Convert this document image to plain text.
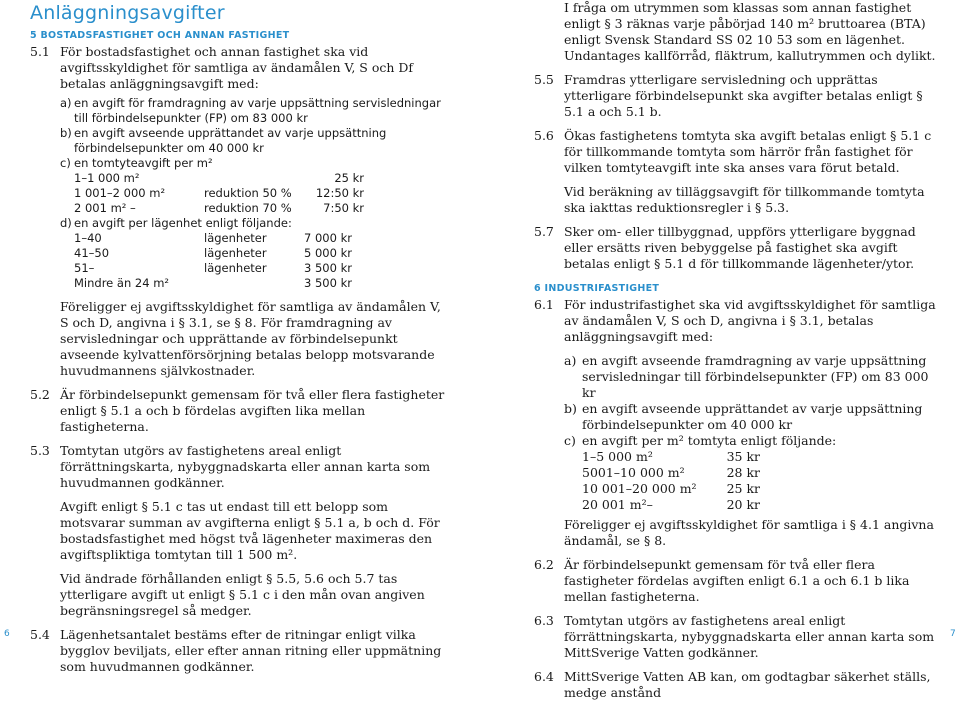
Anläggningsavgifter
5 BOSTADSFASTIGHET OCH ANNAN FASTIGHET
5.1 För bostadsfastighet och annan fastighet ska vid avgiftsskyldighet för samtliga av ändamålen V, S och Df betalas anläggningsavgift med:
a) en avgift för framdragning av varje uppsättning servisledningar till förbindelsepunkter (FP) om 83 000 kr
b) en avgift avseende upprättandet av varje uppsättning förbindelsepunkter om 40 000 kr
c) en tomtyteavgift per m²
1–1 000 m²		25 kr
1 001–2 000 m²	reduktion 50 %	12:50 kr
2 001 m² –	reduktion 70 %	7:50 kr
d) en avgift per lägenhet enligt följande:
1–40	lägenheter	7 000 kr
41–50	lägenheter	5 000 kr
51–	lägenheter	3 500 kr
Mindre än 24 m²		3 500 kr
Föreligger ej avgiftsskyldighet för samtliga av ändamålen V, S och D, angivna i § 3.1, se § 8. För framdragning av servisledningar och upprättande av förbindelsepunkt avseende kylvattenförsörjning betalas belopp motsvarande huvudmannens självkostnader.
5.2 Är förbindelsepunkt gemensam för två eller flera fastigheter enligt § 5.1 a och b fördelas avgiften lika mellan fastigheterna.
5.3 Tomtytan utgörs av fastighetens areal enligt förrättningskarta, nybyggnadskarta eller annan karta som huvudmannen godkänner.
Avgift enligt § 5.1 c tas ut endast till ett belopp som motsvarar summan av avgifterna enligt § 5.1 a, b och d. För bostadsfastighet med högst två lägenheter maximeras den avgiftspliktiga tomtytan till 1 500 m².
Vid ändrade förhållanden enligt § 5.5, 5.6 och 5.7 tas ytterligare avgift ut enligt § 5.1 c i den mån ovan angiven begränsningsregel så medger.
5.4 Lägenhetsantalet bestäms efter de ritningar enligt vilka bygglov beviljats, eller efter annan ritning eller uppmätning som huvudmannen godkänner.
I fråga om utrymmen som klassas som annan fastighet enligt § 3 räknas varje påbörjad 140 m² bruttoarea (BTA) enligt Svensk Standard SS 02 10 53 som en lägenhet. Undantages kallförråd, fläktrum, kallutrymmen och dylikt.
5.5 Framdras ytterligare servisledning och upprättas ytterligare förbindelsepunkt ska avgifter betalas enligt § 5.1 a och 5.1 b.
5.6 Ökas fastighetens tomtyta ska avgift betalas enligt § 5.1 c för tillkommande tomtyta som härrör från fastighet för vilken tomtyteavgift inte ska anses vara förut betald.
Vid beräkning av tilläggsavgift för tillkommande tomtyta ska iakttas reduktionsregler i § 5.3.
5.7 Sker om- eller tillbyggnad, uppförs ytterligare byggnad eller ersätts riven bebyggelse på fastighet ska avgift betalas enligt § 5.1 d för tillkommande lägenheter/ytor.
6 INDUSTRIFASTIGHET
6.1 För industrifastighet ska vid avgiftsskyldighet för samtliga av ändamålen V, S och D, angivna i § 3.1, betalas anläggningsavgift med:
a) en avgift avseende framdragning av varje uppsättning servisledningar till förbindelsepunkter (FP) om 83 000 kr
b) en avgift avseende upprättandet av varje uppsättning förbindelsepunkter om 40 000 kr
c) en avgift per m² tomtyta enligt följande:
1–5 000 m²	35 kr
5001–10 000 m²	28 kr
10 001–20 000 m²	25 kr
20 001 m²–	20 kr
Föreligger ej avgiftsskyldighet för samtliga i § 4.1 angivna ändamål, se § 8.
6.2 Är förbindelsepunkt gemensam för två eller flera fastigheter fördelas avgiften enligt 6.1 a och 6.1 b lika mellan fastigheterna.
6.3 Tomtytan utgörs av fastighetens areal enligt förrättningskarta, nybyggnadskarta eller annan karta som MittSverige Vatten godkänner.
6.4 MittSverige Vatten AB kan, om godtagbar säkerhet ställs, medge anstånd
6	7
